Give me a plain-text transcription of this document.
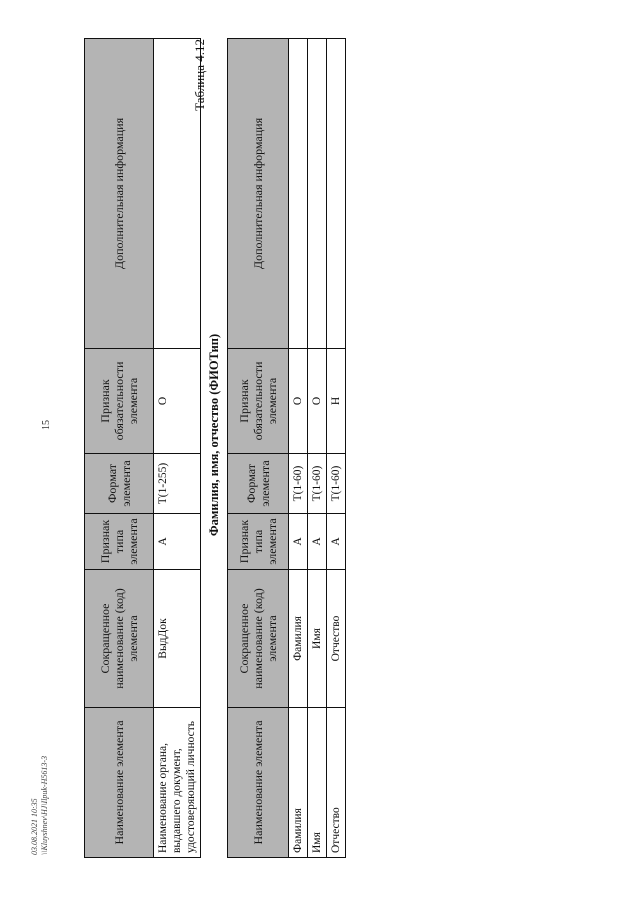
15
03.08.2021 10:35 \\Kluyshnev\HJ\Ilpuk-H5613-3	Наименование элемента	Сокращенное наименование (код) элемента	Признак типа элемента	Формат элемента	Признак обязательности элемента	Дополнительная информация
Наименование органа, выдавшего документ, удостоверяющий личность	ВыдДок	А	T(1-255)	О	
Таблица 4.12
Фамилия, имя, отчество (ФИОТип)
Наименование элемента	Сокращенное наименование (код) элемента	Признак типа элемента	Формат элемента	Признак обязательности элемента	Дополнительная информация
Фамилия	Фамилия	А	T(1-60)	О	
Имя	Имя	А	T(1-60)	О	
Отчество	Отчество	А	T(1-60)	Н	
